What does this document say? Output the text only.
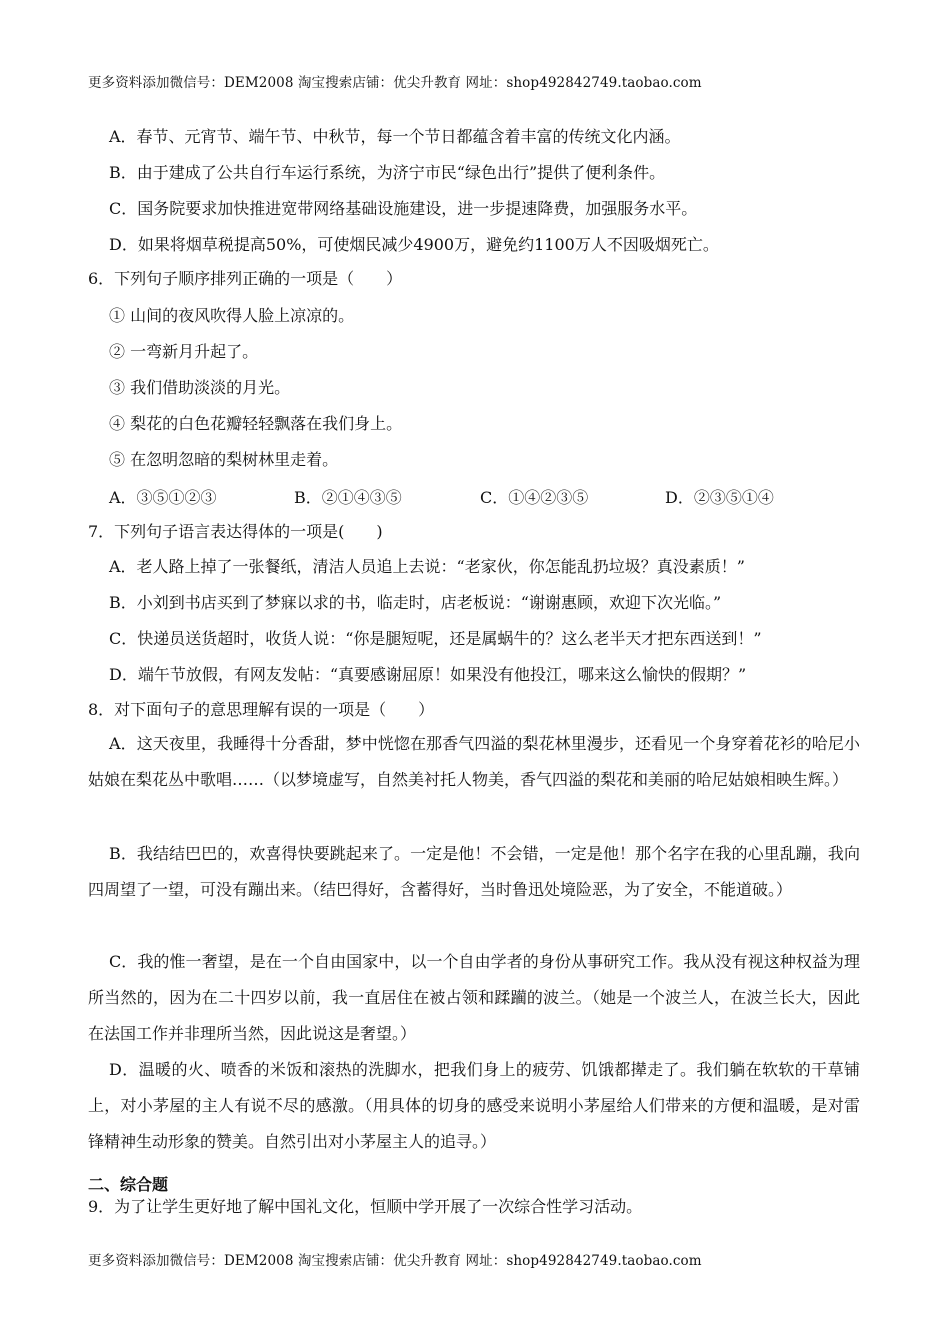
更多资料添加微信号：DEM2008 淘宝搜索店铺：优尖升教育 网址：shop492842749.taobao.com
A．春节、元宵节、端午节、中秋节，每一个节日都蕴含着丰富的传统文化内涵。
B．由于建成了公共自行车运行系统，为济宁市民“绿色出行”提供了便利条件。
C．国务院要求加快推进宽带网络基础设施建设，进一步提速降费，加强服务水平。
D．如果将烟草税提高50%，可使烟民减少4900万，避免约1100万人不因吸烟死亡。
6．下列句子顺序排列正确的一项是（　　）
① 山间的夜风吹得人脸上凉凉的。
② 一弯新月升起了。
③ 我们借助淡淡的月光。
④ 梨花的白色花瓣轻轻飘落在我们身上。
⑤ 在忽明忽暗的梨树林里走着。
A．③⑤①②③	B．②①④③⑤	C．①④②③⑤	D．②③⑤①④
7．下列句子语言表达得体的一项是(　　)
A．老人路上掉了一张餐纸，清洁人员追上去说：“老家伙，你怎能乱扔垃圾？真没素质！”
B．小刘到书店买到了梦寐以求的书，临走时，店老板说：“谢谢惠顾，欢迎下次光临。”
C．快递员送货超时，收货人说：“你是腿短呢，还是属蜗牛的？这么老半天才把东西送到！”
D．端午节放假，有网友发帖：“真要感谢屈原！如果没有他投江，哪来这么愉快的假期？”
8．对下面句子的意思理解有误的一项是（　　）
A．这天夜里，我睡得十分香甜，梦中恍惚在那香气四溢的梨花林里漫步，还看见一个身穿着花衫的哈尼小姑娘在梨花丛中歌唱……（以梦境虚写，自然美衬托人物美，香气四溢的梨花和美丽的哈尼姑娘相映生辉。）
B．我结结巴巴的，欢喜得快要跳起来了。一定是他！不会错，一定是他！那个名字在我的心里乱蹦，我向四周望了一望，可没有蹦出来。（结巴得好，含蓄得好，当时鲁迅处境险恶，为了安全，不能道破。）
C．我的惟一奢望，是在一个自由国家中，以一个自由学者的身份从事研究工作。我从没有视这种权益为理所当然的，因为在二十四岁以前，我一直居住在被占领和蹂躏的波兰。（她是一个波兰人，在波兰长大，因此在法国工作并非理所当然，因此说这是奢望。）
D．温暖的火、喷香的米饭和滚热的洗脚水，把我们身上的疲劳、饥饿都撵走了。我们躺在软软的干草铺上，对小茅屋的主人有说不尽的感激。（用具体的切身的感受来说明小茅屋给人们带来的方便和温暖，是对雷锋精神生动形象的赞美。自然引出对小茅屋主人的追寻。）
二、综合题
9．为了让学生更好地了解中国礼文化，恒顺中学开展了一次综合性学习活动。
更多资料添加微信号：DEM2008 淘宝搜索店铺：优尖升教育 网址：shop492842749.taobao.com
